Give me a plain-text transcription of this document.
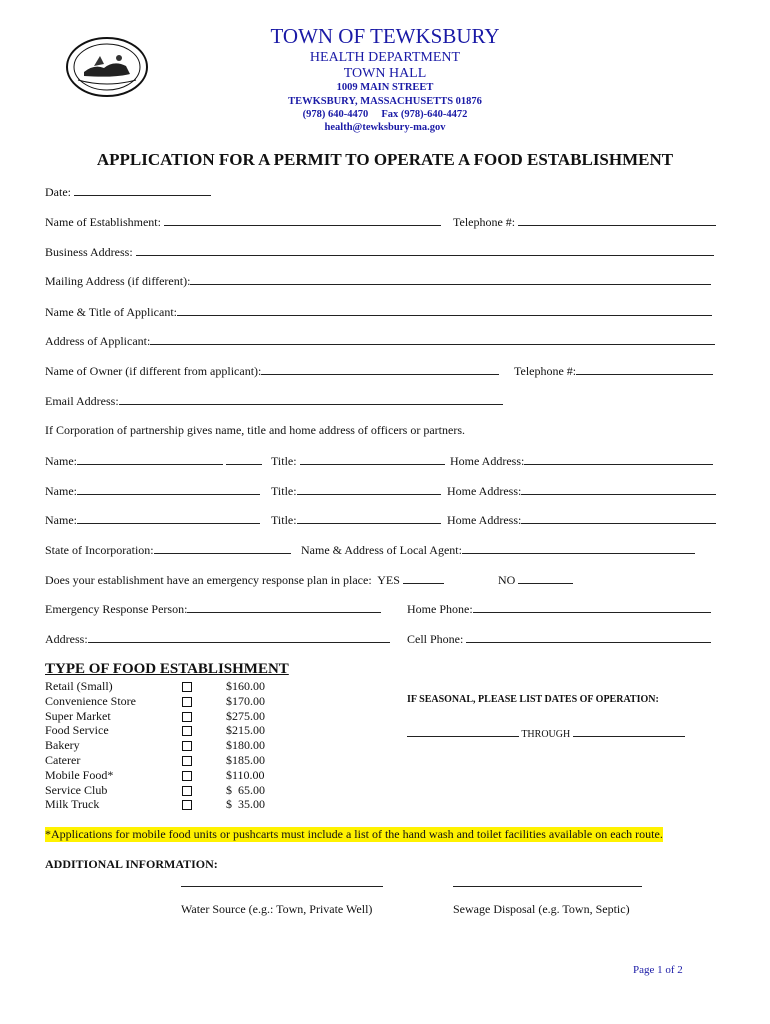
TOWN OF TEWKSBURY
HEALTH DEPARTMENT
TOWN HALL
1009 MAIN STREET
TEWKSBURY, MASSACHUSETTS 01876
(978) 640-4470     Fax (978)-640-4472
health@tewksbury-ma.gov
APPLICATION FOR A PERMIT TO OPERATE A FOOD ESTABLISHMENT
Date:
Name of Establishment:	Telephone #:
Business Address:
Mailing Address (if different):
Name & Title of Applicant:
Address of Applicant:
Name of Owner (if different from applicant):	Telephone #:
Email Address:
If Corporation of partnership gives name, title and home address of officers or partners.
Name:	Title:	Home Address:
Name:	Title:	Home Address:
Name:	Title:	Home Address:
State of Incorporation:	Name & Address of Local Agent:
Does your establishment have an emergency response plan in place: YES	NO
Emergency Response Person:	Home Phone:
Address:	Cell Phone:
TYPE OF FOOD ESTABLISHMENT
Retail (Small)	$160.00
Convenience Store	$170.00
Super Market	$275.00
Food Service	$215.00
Bakery	$180.00
Caterer	$185.00
Mobile Food*	$110.00
Service Club	$  65.00
Milk Truck	$  35.00
IF SEASONAL, PLEASE LIST DATES OF OPERATION:
THROUGH
*Applications for mobile food units or pushcarts must include a list of the hand wash and toilet facilities available on each route.
ADDITIONAL INFORMATION:
Water Source (e.g.: Town, Private Well)	Sewage Disposal (e.g. Town, Septic)
Page 1 of 2
